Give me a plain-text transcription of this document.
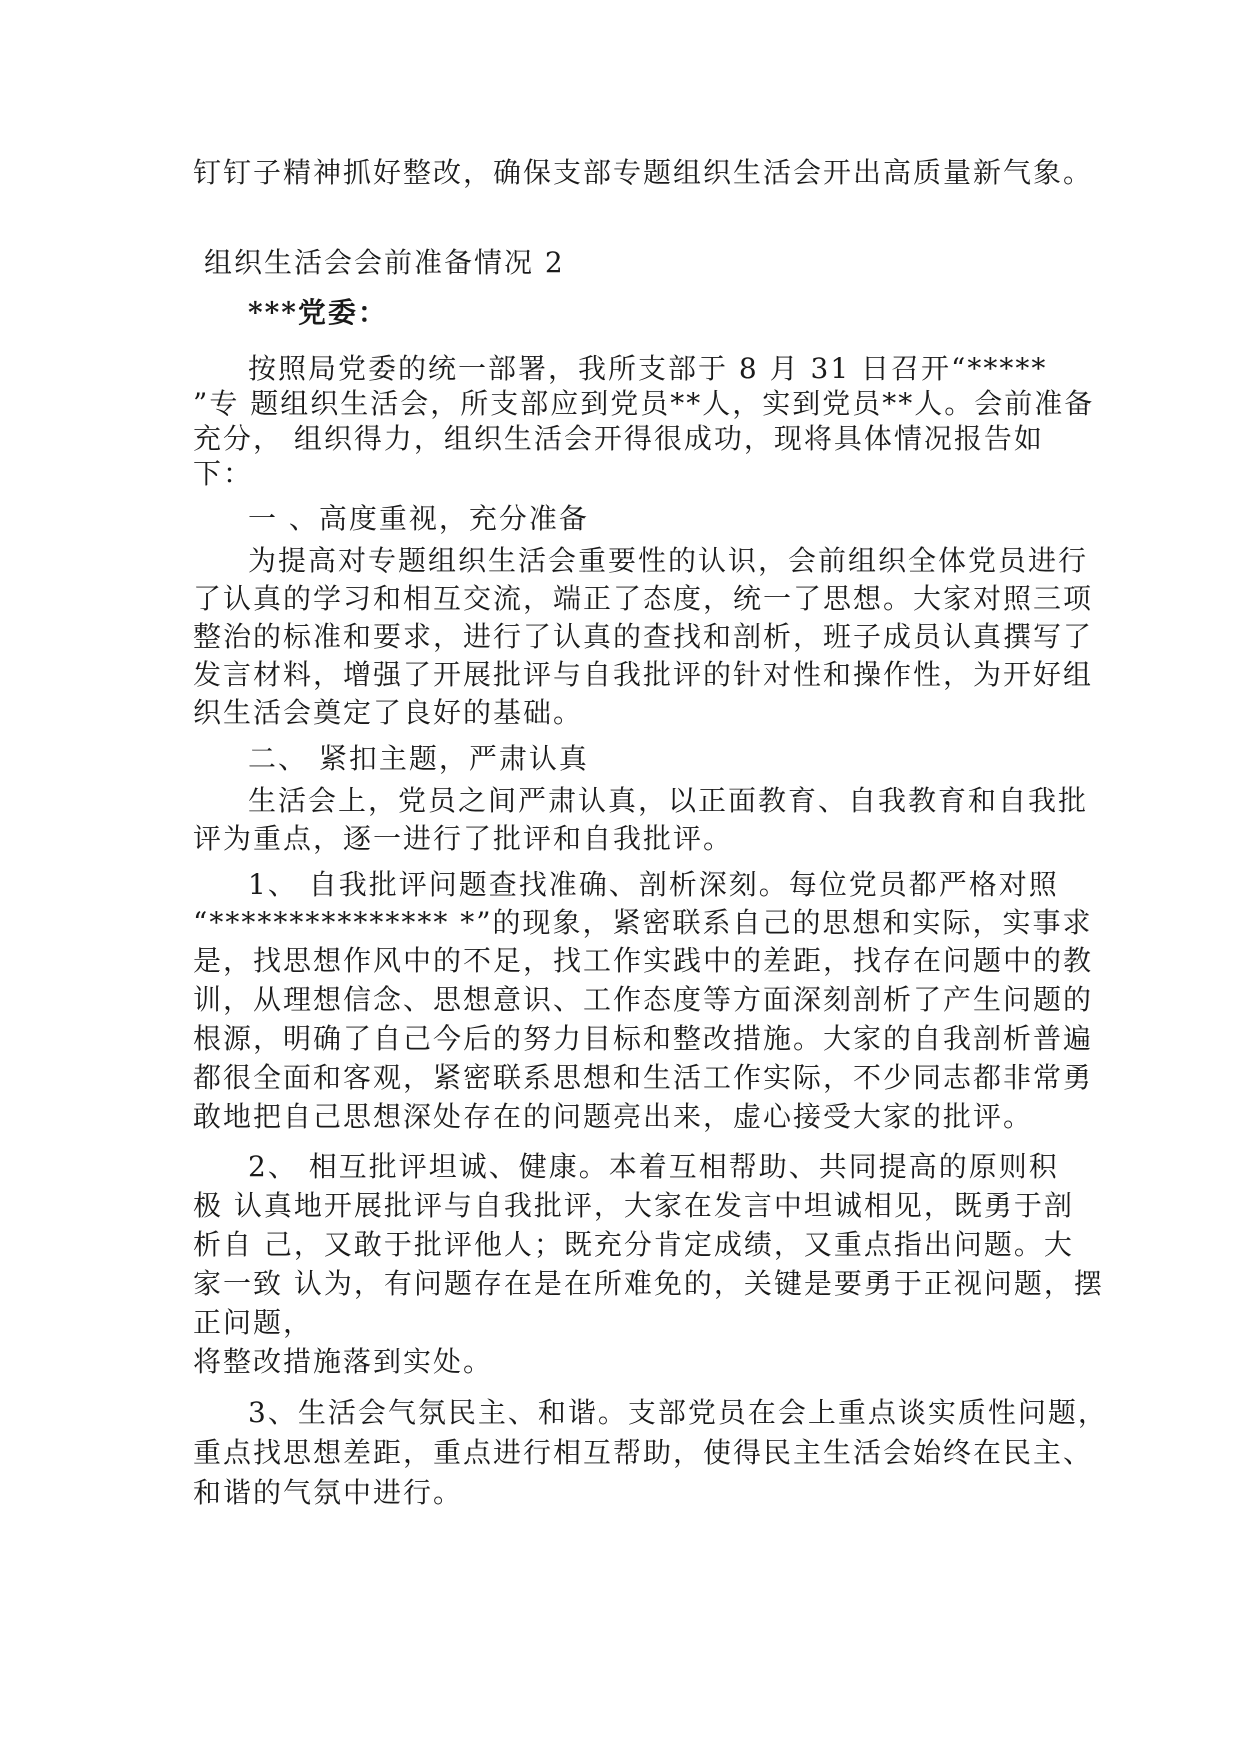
钉钉子精神抓好整改，确保支部专题组织生活会开出高质量新气象。
组织生活会会前准备情况 2
***党委：
按照局党委的统一部署，我所支部于 8 月 31 日召开“*****
”专 题组织生活会，所支部应到党员**人，实到党员**人。会前准备
充分， 组织得力，组织生活会开得很成功，现将具体情况报告如
下：
一 、高度重视，充分准备
为提高对专题组织生活会重要性的认识，会前组织全体党员进行
了认真的学习和相互交流，端正了态度，统一了思想。大家对照三项
整治的标准和要求，进行了认真的查找和剖析，班子成员认真撰写了
发言材料，增强了开展批评与自我批评的针对性和操作性，为开好组
织生活会奠定了良好的基础。
二、 紧扣主题，严肃认真
生活会上，党员之间严肃认真，以正面教育、自我教育和自我批
评为重点，逐一进行了批评和自我批评。
1、 自我批评问题查找准确、剖析深刻。每位党员都严格对照
“*************** *”的现象，紧密联系自己的思想和实际，实事求
是，找思想作风中的不足，找工作实践中的差距，找存在问题中的教
训，从理想信念、思想意识、工作态度等方面深刻剖析了产生问题的
根源，明确了自己今后的努力目标和整改措施。大家的自我剖析普遍
都很全面和客观，紧密联系思想和生活工作实际，不少同志都非常勇
敢地把自己思想深处存在的问题亮出来，虚心接受大家的批评。
2、 相互批评坦诚、健康。本着互相帮助、共同提高的原则积
极 认真地开展批评与自我批评，大家在发言中坦诚相见，既勇于剖
析自 己，又敢于批评他人；既充分肯定成绩，又重点指出问题。大
家一致 认为，有问题存在是在所难免的，关键是要勇于正视问题，摆
正问题，
将整改措施落到实处。
3、生活会气氛民主、和谐。支部党员在会上重点谈实质性问题，
重点找思想差距，重点进行相互帮助，使得民主生活会始终在民主、
和谐的气氛中进行。
